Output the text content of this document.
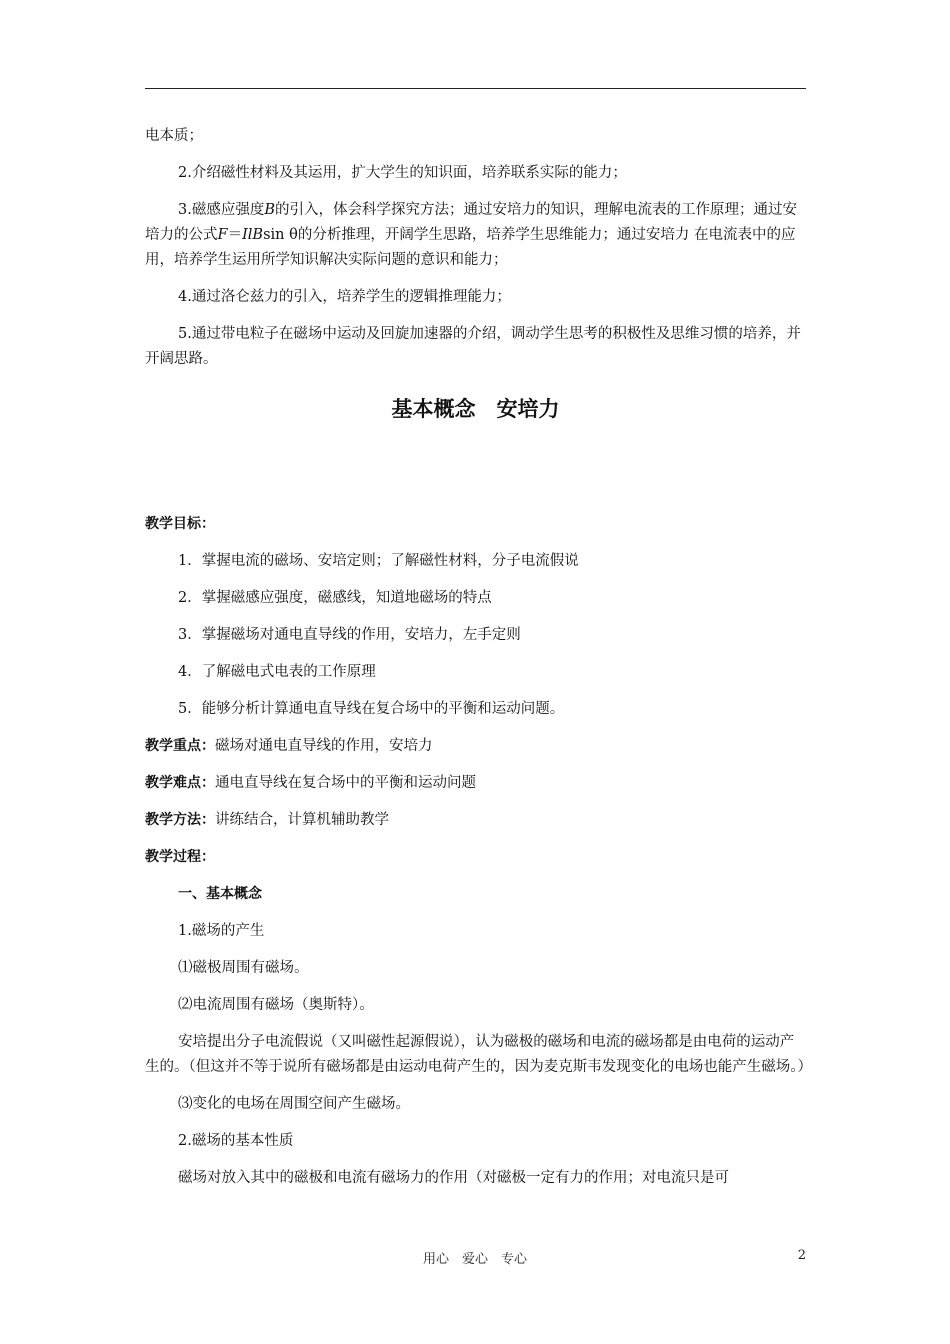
电本质；

2.介绍磁性材料及其运用，扩大学生的知识面，培养联系实际的能力；

3.磁感应强度B的引入，体会科学探究方法；通过安培力的知识，理解电流表的工作原理；通过安培力的公式F＝IlBsin θ的分析推理，开阔学生思路，培养学生思维能力；通过安培力 在电流表中的应用，培养学生运用所学知识解决实际问题的意识和能力；

4.通过洛仑兹力的引入，培养学生的逻辑推理能力；

5.通过带电粒子在磁场中运动及回旋加速器的介绍，调动学生思考的积极性及思维习惯的培养，并开阔思路。

基本概念　安培力

教学目标：

1．掌握电流的磁场、安培定则；了解磁性材料，分子电流假说

2．掌握磁感应强度，磁感线，知道地磁场的特点

3．掌握磁场对通电直导线的作用，安培力，左手定则

4．了解磁电式电表的工作原理

5．能够分析计算通电直导线在复合场中的平衡和运动问题。

教学重点：磁场对通电直导线的作用，安培力

教学难点：通电直导线在复合场中的平衡和运动问题

教学方法：讲练结合，计算机辅助教学

教学过程：

一、基本概念

1.磁场的产生

⑴磁极周围有磁场。

⑵电流周围有磁场（奥斯特）。

安培提出分子电流假说（又叫磁性起源假说），认为磁极的磁场和电流的磁场都是由电荷的运动产生的。（但这并不等于说所有磁场都是由运动电荷产生的，因为麦克斯韦发现变化的电场也能产生磁场。）

⑶变化的电场在周围空间产生磁场。

2.磁场的基本性质

磁场对放入其中的磁极和电流有磁场力的作用（对磁极一定有力的作用；对电流只是可

用心　爱心　专心	2
